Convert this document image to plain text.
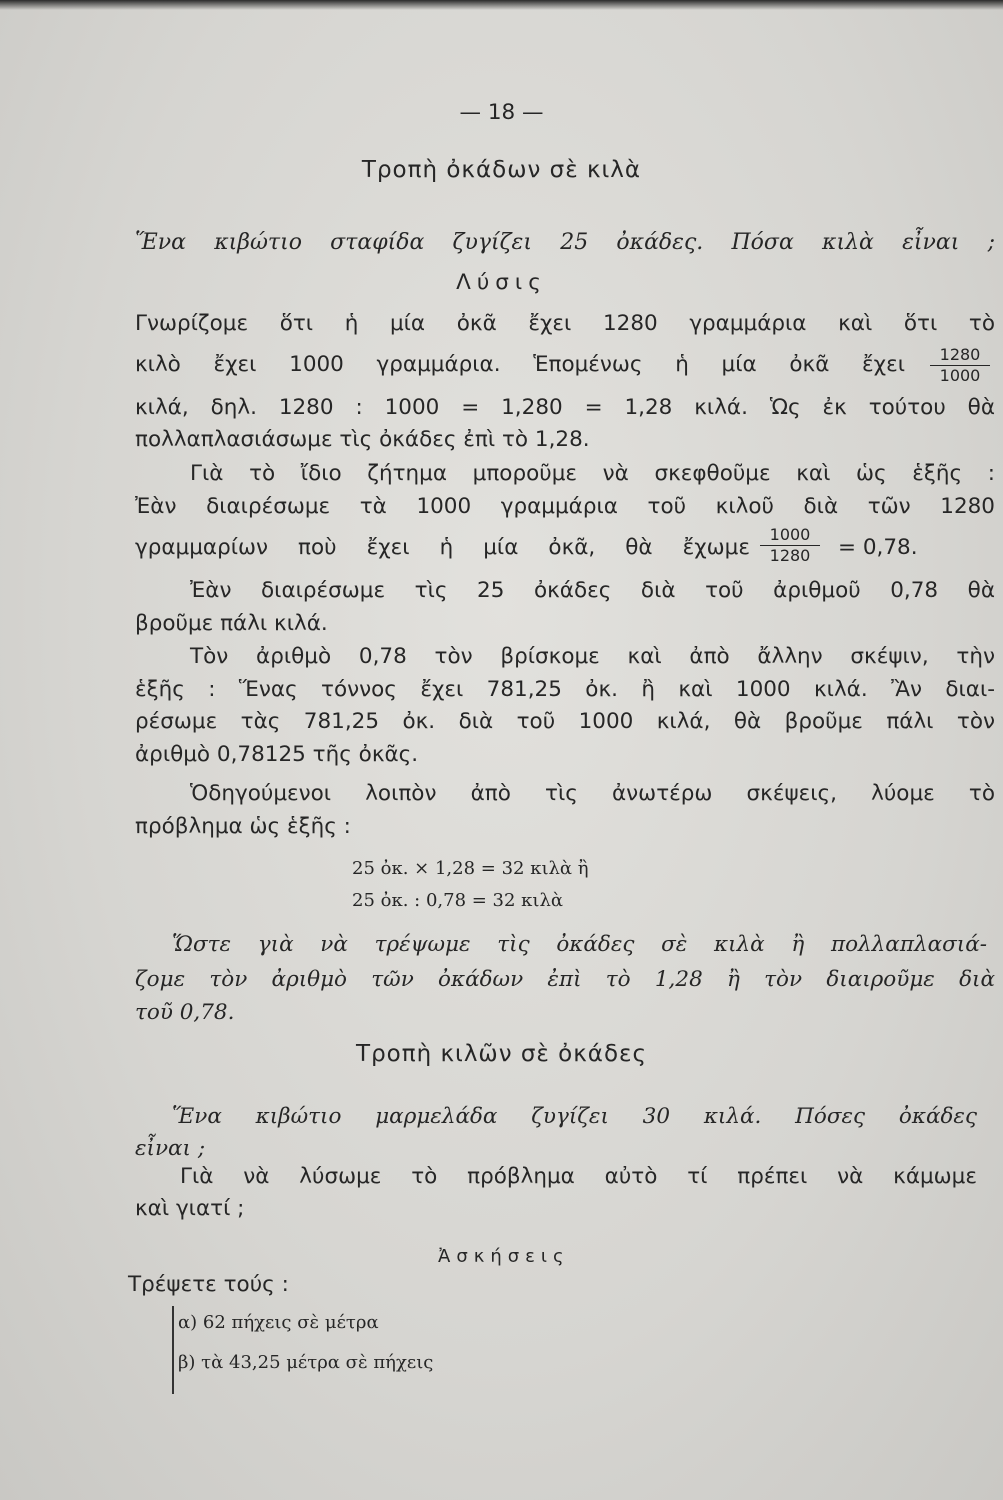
— 18 —

Τροπὴ ὀκάδων σὲ κιλὰ

Ἕνα κιβώτιο σταφίδα ζυγίζει 25 ὀκάδες. Πόσα κιλὰ εἶναι ;

Λύσις

Γνωρίζομε ὅτι ἡ μία ὀκᾶ ἔχει 1280 γραμμάρια καὶ ὅτι τὸ

κιλὸ ἔχει 1000 γραμμάρια. Ἑπομένως ἡ μία ὀκᾶ ἔχει $\frac{1280}{1000}$

κιλά, δηλ. 1280 : 1000 = 1,280 = 1,28 κιλά. Ὡς ἐκ τούτου θὰ

πολλαπλασιάσωμε τὶς ὀκάδες ἐπὶ τὸ 1,28.

Γιὰ τὸ ἴδιο ζήτημα μποροῦμε νὰ σκεφθοῦμε καὶ ὡς ἑξῆς :

Ἐὰν διαιρέσωμε τὰ 1000 γραμμάρια τοῦ κιλοῦ διὰ τῶν 1280

γραμμαρίων ποὺ ἔχει ἡ μία ὀκᾶ, θὰ ἔχωμε $\frac{1000}{1280} = 0,78$.

Ἐὰν διαιρέσωμε τὶς 25 ὀκάδες διὰ τοῦ ἀριθμοῦ 0,78 θὰ

βροῦμε πάλι κιλά.

Τὸν ἀριθμὸ 0,78 τὸν βρίσκομε καὶ ἀπὸ ἄλλην σκέψιν, τὴν

ἑξῆς : Ἕνας τόννος ἔχει 781,25 ὀκ. ἢ καὶ 1000 κιλά. Ἂν διαι-

ρέσωμε τὰς 781,25 ὀκ. διὰ τοῦ 1000 κιλά, θὰ βροῦμε πάλι τὸν

ἀριθμὸ 0,78125 τῆς ὀκᾶς.

Ὁδηγούμενοι λοιπὸν ἀπὸ τὶς ἀνωτέρω σκέψεις, λύομε τὸ

πρόβλημα ὡς ἑξῆς :

25 ὀκ. × 1,28 = 32 κιλὰ ἢ

25 ὀκ. : 0,78 = 32 κιλὰ

Ὥστε γιὰ νὰ τρέψωμε τὶς ὀκάδες σὲ κιλὰ ἢ πολλαπλασιά-

ζομε τὸν ἀριθμὸ τῶν ὀκάδων ἐπὶ τὸ 1,28 ἢ τὸν διαιροῦμε διὰ

τοῦ 0,78.

Τροπὴ κιλῶν σὲ ὀκάδες

Ἕνα κιβώτιο μαρμελάδα ζυγίζει 30 κιλά. Πόσες ὀκάδες

εἶναι ;

Γιὰ νὰ λύσωμε τὸ πρόβλημα αὐτὸ τί πρέπει νὰ κάμωμε

καὶ γιατί ;

Ἀσκήσεις

Τρέψετε τούς :

α) 62 πήχεις σὲ μέτρα

β) τὰ 43,25 μέτρα σὲ πήχεις
